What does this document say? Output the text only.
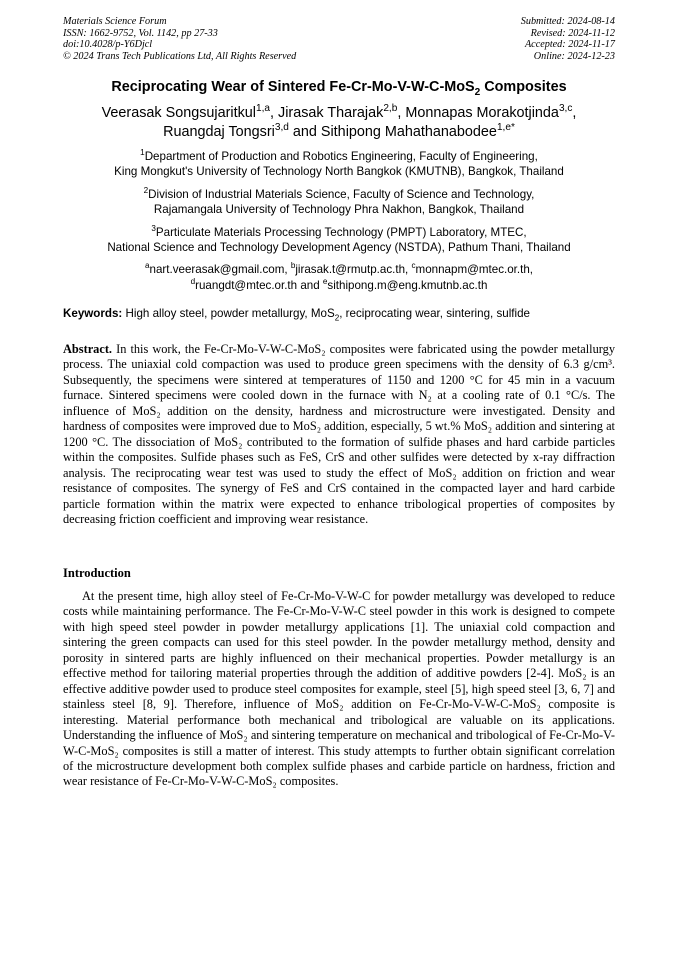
Materials Science Forum
ISSN: 1662-9752, Vol. 1142, pp 27-33
doi:10.4028/p-Y6Djcl
© 2024 Trans Tech Publications Ltd, All Rights Reserved
Submitted: 2024-08-14
Revised: 2024-11-12
Accepted: 2024-11-17
Online: 2024-12-23
Reciprocating Wear of Sintered Fe-Cr-Mo-V-W-C-MoS$_2$ Composites
Veerasak Songsujaritkul$^{1,a}$, Jirasak Tharajak$^{2,b}$, Monnapas Morakotjinda$^{3,c}$,
Ruangdaj Tongsri$^{3,d}$ and Sithipong Mahathanabodee$^{1,e*}$
$^1$Department of Production and Robotics Engineering, Faculty of Engineering,
King Mongkut's University of Technology North Bangkok (KMUTNB), Bangkok, Thailand
$^2$Division of Industrial Materials Science, Faculty of Science and Technology,
Rajamangala University of Technology Phra Nakhon, Bangkok, Thailand
$^3$Particulate Materials Processing Technology (PMPT) Laboratory, MTEC,
National Science and Technology Development Agency (NSTDA), Pathum Thani, Thailand
$^a$nart.veerasak@gmail.com, $^b$jirasak.t@rmutp.ac.th, $^c$monnapm@mtec.or.th,
$^d$ruangdt@mtec.or.th and $^e$sithipong.m@eng.kmutnb.ac.th
Keywords: High alloy steel, powder metallurgy, MoS$_2$, reciprocating wear, sintering, sulfide
Abstract. In this work, the Fe-Cr-Mo-V-W-C-MoS₂ composites were fabricated using the powder metallurgy process. The uniaxial cold compaction was used to produce green specimens with the density of 6.3 g/cm³. Subsequently, the specimens were sintered at temperatures of 1150 and 1200 °C for 45 min in a vacuum furnace. Sintered specimens were cooled down in the furnace with N₂ at a cooling rate of 0.1 °C/s. The influence of MoS₂ addition on the density, hardness and microstructure were investigated. Density and hardness of composites were improved due to MoS₂ addition, especially, 5 wt.% MoS₂ addition and sintering at 1200 °C. The dissociation of MoS₂ contributed to the formation of sulfide phases and hard carbide particles within the composites. Sulfide phases such as FeS, CrS and other sulfides were detected by x-ray diffraction analysis. The reciprocating wear test was used to study the effect of MoS₂ addition on friction and wear resistance of composites. The synergy of FeS and CrS contained in the compacted layer and hard carbide particle formation within the matrix were expected to enhance tribological properties of composites by decreasing friction coefficient and improving wear resistance.
Introduction
At the present time, high alloy steel of Fe-Cr-Mo-V-W-C for powder metallurgy was developed to reduce costs while maintaining performance. The Fe-Cr-Mo-V-W-C steel powder in this work is designed to compete with high speed steel powder in powder metallurgy applications [1]. The uniaxial cold compaction and sintering the green compacts can used for this steel powder. In the powder metallurgy method, density and porosity in sintered parts are highly influenced on their mechanical properties. Powder metallurgy is an effective method for tailoring material properties through the addition of additive powders [2-4]. MoS₂ is an effective additive powder used to produce steel composites for example, steel [5], high speed steel [3, 6, 7] and stainless steel [8, 9]. Therefore, influence of MoS₂ addition on Fe-Cr-Mo-V-W-C-MoS₂ composite is interesting. Material performance both mechanical and tribological are valuable on its applications. Understanding the influence of MoS₂ and sintering temperature on mechanical and tribological of Fe-Cr-Mo-V-W-C-MoS₂ composites is still a matter of interest. This study attempts to further obtain significant correlation of the microstructure development both complex sulfide phases and carbide particle on hardness, friction and wear resistance of Fe-Cr-Mo-V-W-C-MoS₂ composites.
